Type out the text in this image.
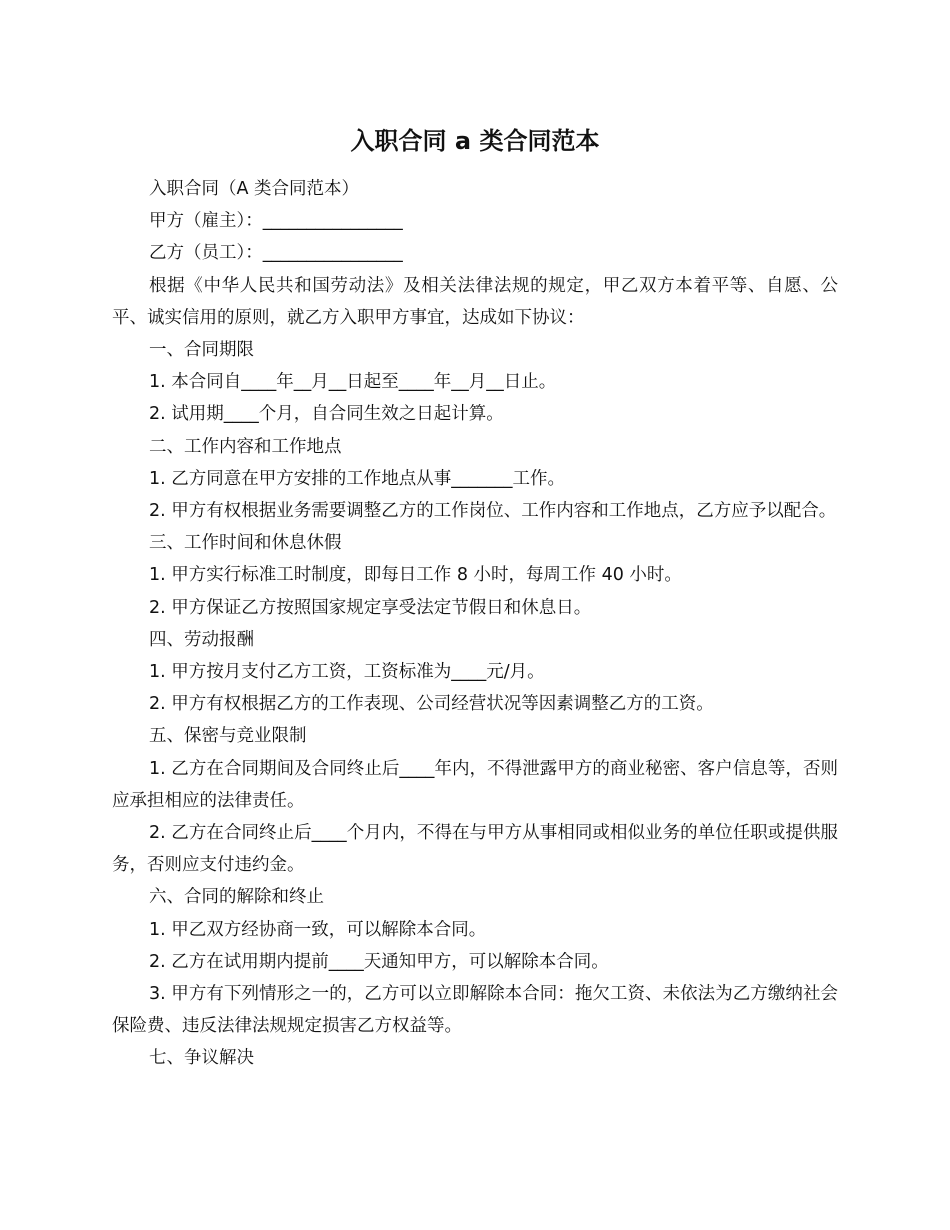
入职合同 a 类合同范本

入职合同（A 类合同范本）

甲方（雇主）：________________

乙方（员工）：________________

根据《中华人民共和国劳动法》及相关法律法规的规定，甲乙双方本着平等、自愿、公平、诚实信用的原则，就乙方入职甲方事宜，达成如下协议：

一、合同期限

1. 本合同自____年__月__日起至____年__月__日止。

2. 试用期____个月，自合同生效之日起计算。

二、工作内容和工作地点

1. 乙方同意在甲方安排的工作地点从事_______工作。

2. 甲方有权根据业务需要调整乙方的工作岗位、工作内容和工作地点，乙方应予以配合。

三、工作时间和休息休假

1. 甲方实行标准工时制度，即每日工作 8 小时，每周工作 40 小时。

2. 甲方保证乙方按照国家规定享受法定节假日和休息日。

四、劳动报酬

1. 甲方按月支付乙方工资，工资标准为____元/月。

2. 甲方有权根据乙方的工作表现、公司经营状况等因素调整乙方的工资。

五、保密与竞业限制

1. 乙方在合同期间及合同终止后____年内，不得泄露甲方的商业秘密、客户信息等，否则应承担相应的法律责任。

2. 乙方在合同终止后____个月内，不得在与甲方从事相同或相似业务的单位任职或提供服务，否则应支付违约金。

六、合同的解除和终止

1. 甲乙双方经协商一致，可以解除本合同。

2. 乙方在试用期内提前____天通知甲方，可以解除本合同。

3. 甲方有下列情形之一的，乙方可以立即解除本合同：拖欠工资、未依法为乙方缴纳社会保险费、违反法律法规规定损害乙方权益等。

七、争议解决
